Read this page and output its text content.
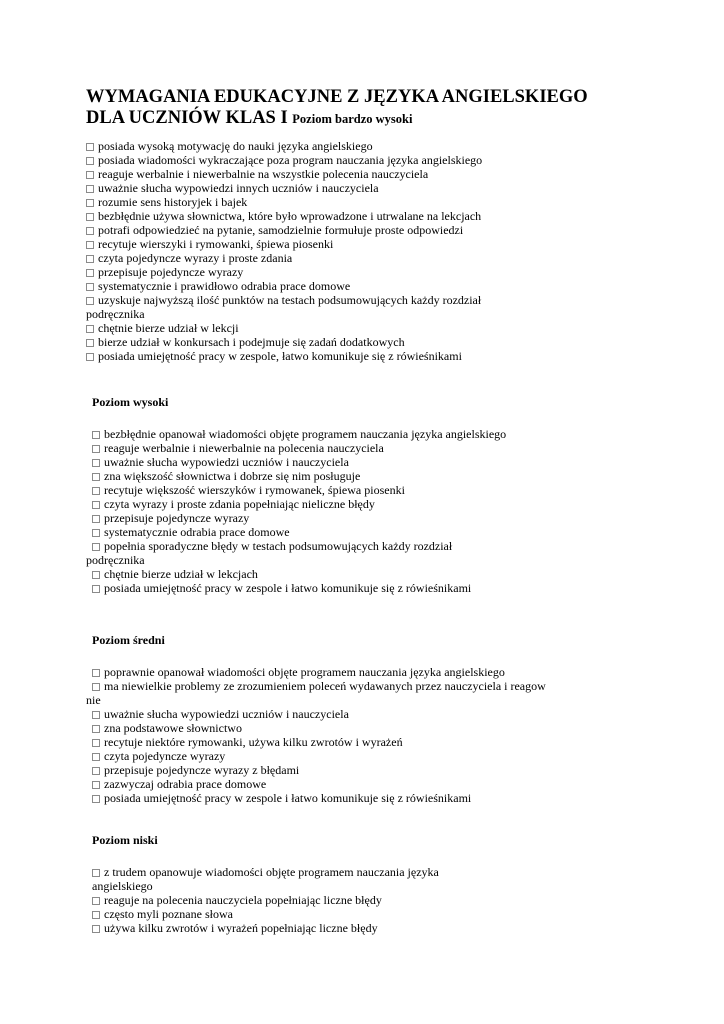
WYMAGANIA EDUKACYJNE Z JĘZYKA ANGIELSKIEGO
DLA UCZNIÓW KLAS I Poziom bardzo wysoki
posiada wysoką motywację do nauki języka angielskiego
posiada wiadomości wykraczające poza program nauczania języka angielskiego
reaguje werbalnie i niewerbalnie na wszystkie polecenia nauczyciela
uważnie słucha wypowiedzi innych uczniów i nauczyciela
rozumie sens historyjek i bajek
bezbłędnie używa słownictwa, które było wprowadzone i utrwalane na lekcjach
potrafi odpowiedzieć na pytanie, samodzielnie formułuje proste odpowiedzi
recytuje wierszyki i rymowanki, śpiewa piosenki
czyta pojedyncze wyrazy i proste zdania
przepisuje pojedyncze wyrazy
systematycznie i prawidłowo odrabia prace domowe
uzyskuje najwyższą ilość punktów na testach podsumowujących każdy rozdział
podręcznika
chętnie bierze udział w lekcji
bierze udział w konkursach i podejmuje się zadań dodatkowych
posiada umiejętność pracy w zespole, łatwo komunikuje się z rówieśnikami
Poziom wysoki
bezbłędnie opanował wiadomości objęte programem nauczania języka angielskiego
reaguje werbalnie i niewerbalnie na polecenia nauczyciela
uważnie słucha wypowiedzi uczniów i nauczyciela
zna większość słownictwa i dobrze się nim posługuje
recytuje większość wierszyków i rymowanek, śpiewa piosenki
czyta wyrazy i proste zdania popełniając nieliczne błędy
przepisuje pojedyncze wyrazy
systematycznie odrabia prace domowe
popełnia sporadyczne błędy w testach podsumowujących każdy rozdział
podręcznika
chętnie bierze udział w lekcjach
posiada umiejętność pracy w zespole i łatwo komunikuje się z rówieśnikami
Poziom średni
poprawnie opanował wiadomości objęte programem nauczania języka angielskiego
ma niewielkie problemy ze zrozumieniem poleceń wydawanych przez nauczyciela i reagow
nie
uważnie słucha wypowiedzi uczniów i nauczyciela
zna podstawowe słownictwo
recytuje niektóre rymowanki, używa kilku zwrotów i wyrażeń
czyta pojedyncze wyrazy
przepisuje pojedyncze wyrazy z błędami
zazwyczaj odrabia prace domowe
posiada umiejętność pracy w zespole i łatwo komunikuje się z rówieśnikami
Poziom niski
z trudem opanowuje wiadomości objęte programem nauczania języka
angielskiego
reaguje na polecenia nauczyciela popełniając liczne błędy
często myli poznane słowa
używa kilku zwrotów i wyrażeń popełniając liczne błędy
